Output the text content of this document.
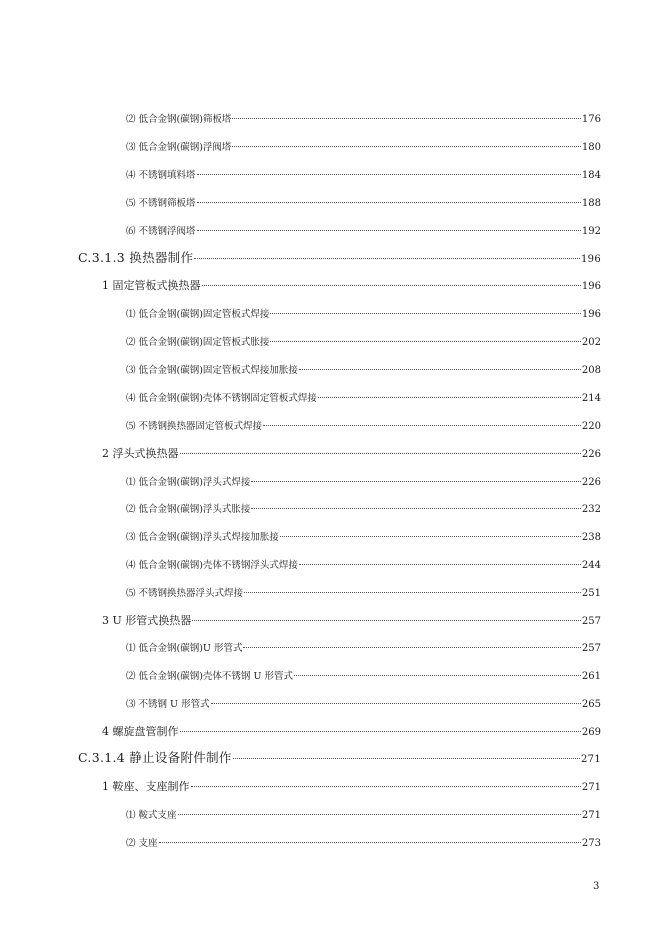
⑵ 低合金钢(碳钢)筛板塔	176
⑶ 低合金钢(碳钢)浮阀塔	180
⑷ 不锈钢填料塔	184
⑸ 不锈钢筛板塔	188
⑹ 不锈钢浮阀塔	192
C.3.1.3 换热器制作	196
1 固定管板式换热器	196
⑴ 低合金钢(碳钢)固定管板式焊接	196
⑵ 低合金钢(碳钢)固定管板式胀接	202
⑶ 低合金钢(碳钢)固定管板式焊接加胀接	208
⑷ 低合金钢(碳钢)壳体不锈钢固定管板式焊接	214
⑸ 不锈钢换热器固定管板式焊接	220
2 浮头式换热器	226
⑴ 低合金钢(碳钢)浮头式焊接	226
⑵ 低合金钢(碳钢)浮头式胀接	232
⑶ 低合金钢(碳钢)浮头式焊接加胀接	238
⑷ 低合金钢(碳钢)壳体不锈钢浮头式焊接	244
⑸ 不锈钢换热器浮头式焊接	251
3 U 形管式换热器	257
⑴ 低合金钢(碳钢)U 形管式	257
⑵ 低合金钢(碳钢)壳体不锈钢 U 形管式	261
⑶ 不锈钢 U 形管式	265
4 螺旋盘管制作	269
C.3.1.4 静止设备附件制作	271
1 鞍座、支座制作	271
⑴ 鞍式支座	271
⑵ 支座	273
3
